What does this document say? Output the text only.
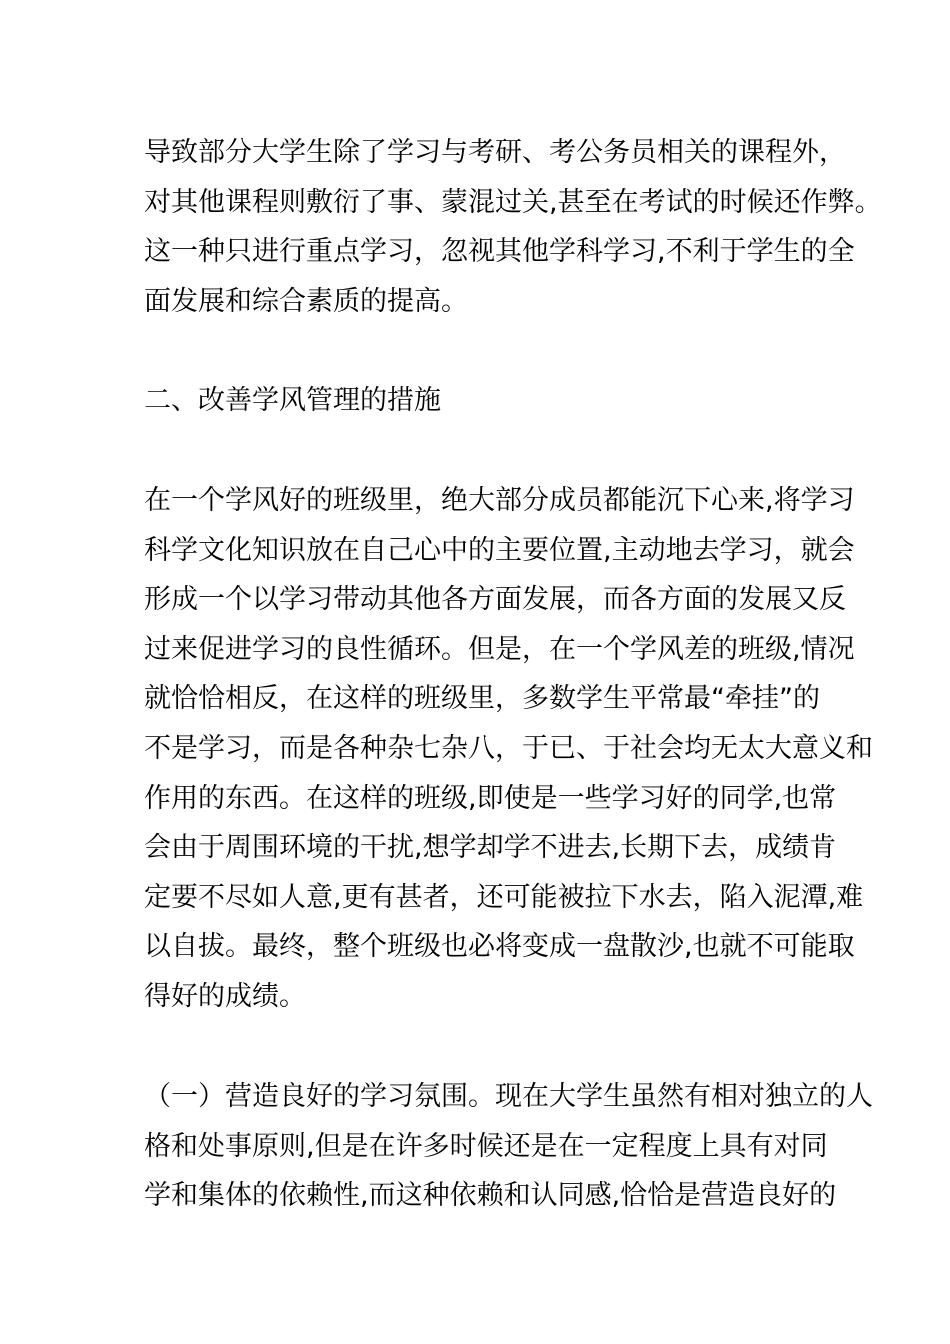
导致部分大学生除了学习与考研、考公务员相关的课程外，
对其他课程则敷衍了事、蒙混过关,甚至在考试的时候还作弊。
这一种只进行重点学习，忽视其他学科学习,不利于学生的全
面发展和综合素质的提高。

二、改善学风管理的措施

在一个学风好的班级里，绝大部分成员都能沉下心来,将学习
科学文化知识放在自己心中的主要位置,主动地去学习，就会
形成一个以学习带动其他各方面发展，而各方面的发展又反
过来促进学习的良性循环。但是，在一个学风差的班级,情况
就恰恰相反，在这样的班级里，多数学生平常最“牵挂”的
不是学习，而是各种杂七杂八，于已、于社会均无太大意义和
作用的东西。在这样的班级,即使是一些学习好的同学,也常
会由于周围环境的干扰,想学却学不进去,长期下去，成绩肯
定要不尽如人意,更有甚者，还可能被拉下水去，陷入泥潭,难
以自拔。最终，整个班级也必将变成一盘散沙,也就不可能取
得好的成绩。

（一）营造良好的学习氛围。现在大学生虽然有相对独立的人
格和处事原则,但是在许多时候还是在一定程度上具有对同
学和集体的依赖性,而这种依赖和认同感,恰恰是营造良好的
